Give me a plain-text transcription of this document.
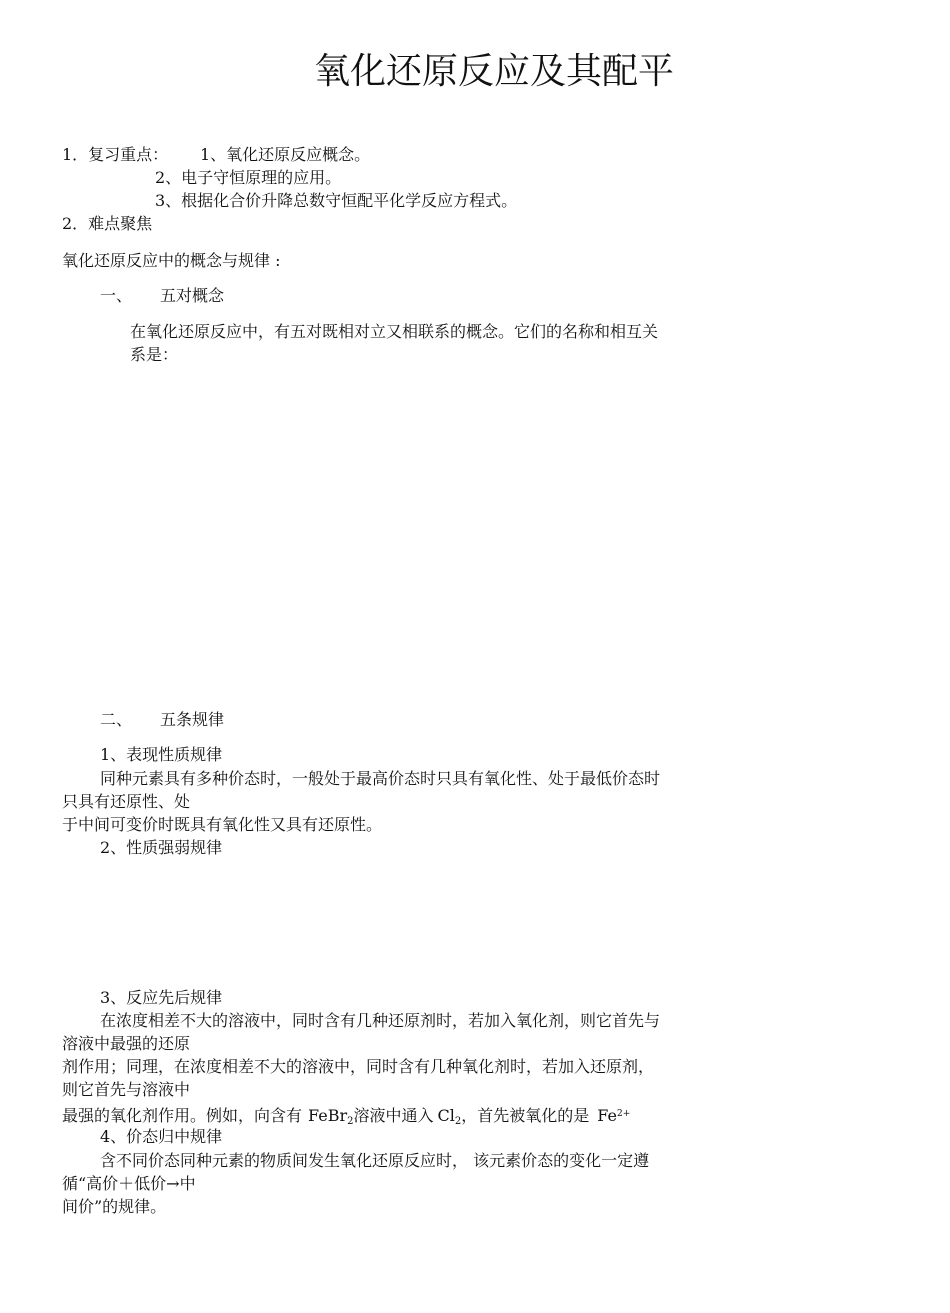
氧化还原反应及其配平
1．复习重点： 1、氧化还原反应概念。
2、电子守恒原理的应用。
3、根据化合价升降总数守恒配平化学反应方程式。
2．难点聚焦
氧化还原反应中的概念与规律 :
一、 五对概念
在氧化还原反应中，有五对既相对立又相联系的概念。它们的名称和相互关
系是：
二、 五条规律
1、表现性质规律
同种元素具有多种价态时，一般处于最高价态时只具有氧化性、处于最低价态时
只具有还原性、处
于中间可变价时既具有氧化性又具有还原性。
2、性质强弱规律
3、反应先后规律
在浓度相差不大的溶液中，同时含有几种还原剂时，若加入氧化剂，则它首先与
溶液中最强的还原
剂作用；同理，在浓度相差不大的溶液中，同时含有几种氧化剂时，若加入还原剂，
则它首先与溶液中
最强的氧化剂作用。例如，向含有 FeBr$_2$溶液中通入 $Cl_2$，首先被氧化的是 $Fe^{2+}$
4、价态归中规律
含不同价态同种元素的物质间发生氧化还原反应时， 该元素价态的变化一定遵
循“高价＋低价→中
间价”的规律。
